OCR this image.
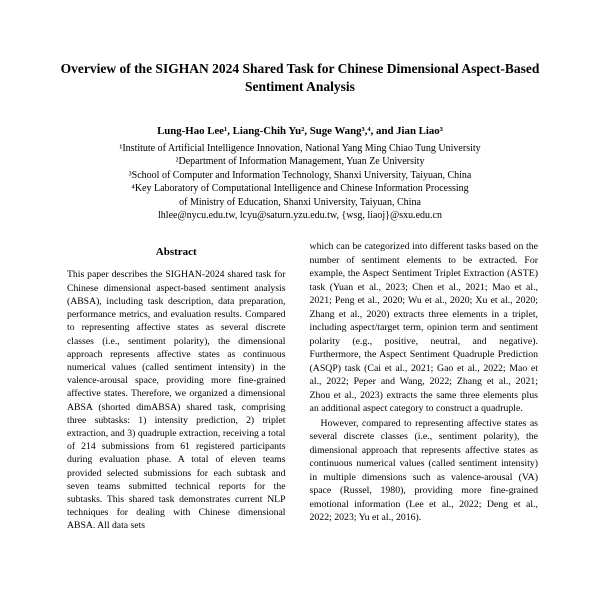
Overview of the SIGHAN 2024 Shared Task for Chinese Dimensional Aspect-Based Sentiment Analysis
Lung-Hao Lee¹, Liang-Chih Yu², Suge Wang³,⁴, and Jian Liao³
¹Institute of Artificial Intelligence Innovation, National Yang Ming Chiao Tung University
²Department of Information Management, Yuan Ze University
³School of Computer and Information Technology, Shanxi University, Taiyuan, China
⁴Key Laboratory of Computational Intelligence and Chinese Information Processing
of Ministry of Education, Shanxi University, Taiyuan, China
lhlee@nycu.edu.tw, lcyu@saturn.yzu.edu.tw, {wsg, liaoj}@sxu.edu.cn
Abstract

This paper describes the SIGHAN-2024 shared task for Chinese dimensional aspect-based sentiment analysis (ABSA), including task description, data preparation, performance metrics, and evaluation results. Compared to representing affective states as several discrete classes (i.e., sentiment polarity), the dimensional approach represents affective states as continuous numerical values (called sentiment intensity) in the valence-arousal space, providing more fine-grained affective states. Therefore, we organized a dimensional ABSA (shorted dimABSA) shared task, comprising three subtasks: 1) intensity prediction, 2) triplet extraction, and 3) quadruple extraction, receiving a total of 214 submissions from 61 registered participants during evaluation phase. A total of eleven teams provided selected submissions for each subtask and seven teams submitted technical reports for the subtasks. This shared task demonstrates current NLP techniques for dealing with Chinese dimensional ABSA. All data sets

which can be categorized into different tasks based on the number of sentiment elements to be extracted. For example, the Aspect Sentiment Triplet Extraction (ASTE) task (Yuan et al., 2023; Chen et al., 2021; Mao et al., 2021; Peng et al., 2020; Wu et al., 2020; Xu et al., 2020; Zhang et al., 2020) extracts three elements in a triplet, including aspect/target term, opinion term and sentiment polarity (e.g., positive, neutral, and negative). Furthermore, the Aspect Sentiment Quadruple Prediction (ASQP) task (Cai et al., 2021; Gao et al., 2022; Mao et al., 2022; Peper and Wang, 2022; Zhang et al., 2021; Zhou et al., 2023) extracts the same three elements plus an additional aspect category to construct a quadruple.

However, compared to representing affective states as several discrete classes (i.e., sentiment polarity), the dimensional approach that represents affective states as continuous numerical values (called sentiment intensity) in multiple dimensions such as valence-arousal (VA) space (Russel, 1980), providing more fine-grained emotional information (Lee et al., 2022; Deng et al., 2022; 2023; Yu et al., 2016).
